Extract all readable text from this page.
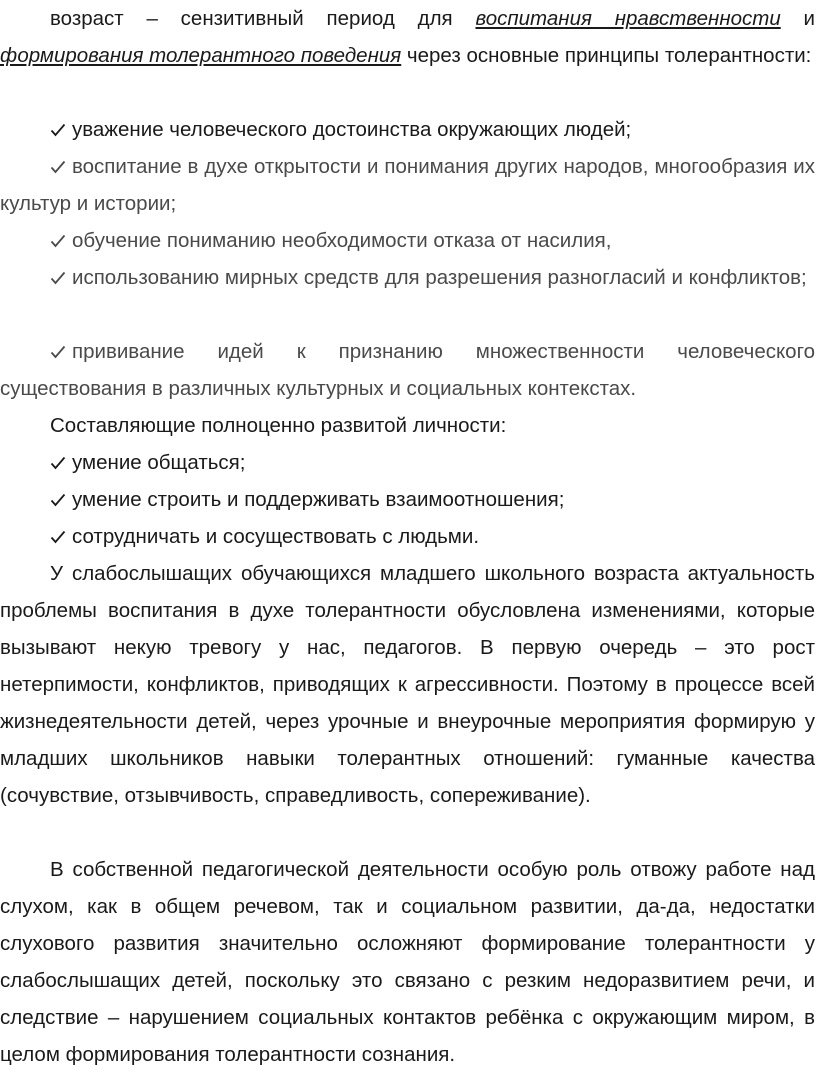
возраст – сензитивный период для воспитания нравственности и формирования толерантного поведения через основные принципы толерантности:

уважение человеческого достоинства окружающих людей;

воспитание в духе открытости и понимания других народов, многообразия их культур и истории;

обучение пониманию необходимости отказа от насилия,

использованию мирных средств для разрешения разногласий и конфликтов;

прививание идей к признанию множественности человеческого существования в различных культурных и социальных контекстах.

Составляющие полноценно развитой личности:

умение общаться;

умение строить и поддерживать взаимоотношения;

сотрудничать и сосуществовать с людьми.

У слабослышащих обучающихся младшего школьного возраста актуальность проблемы воспитания в духе толерантности обусловлена изменениями, которые вызывают некую тревогу у нас, педагогов. В первую очередь – это рост нетерпимости, конфликтов, приводящих к агрессивности. Поэтому в процессе всей жизнедеятельности детей, через урочные и внеурочные мероприятия формирую у младших школьников навыки толерантных отношений: гуманные качества (сочувствие, отзывчивость, справедливость, сопереживание).

В собственной педагогической деятельности особую роль отвожу работе над слухом, как в общем речевом, так и социальном развитии, да-да, недостатки слухового развития значительно осложняют формирование толерантности у слабослышащих детей, поскольку это связано с резким недоразвитием речи, и следствие – нарушением социальных контактов ребёнка с окружающим миром, в целом формирования толерантности сознания.
